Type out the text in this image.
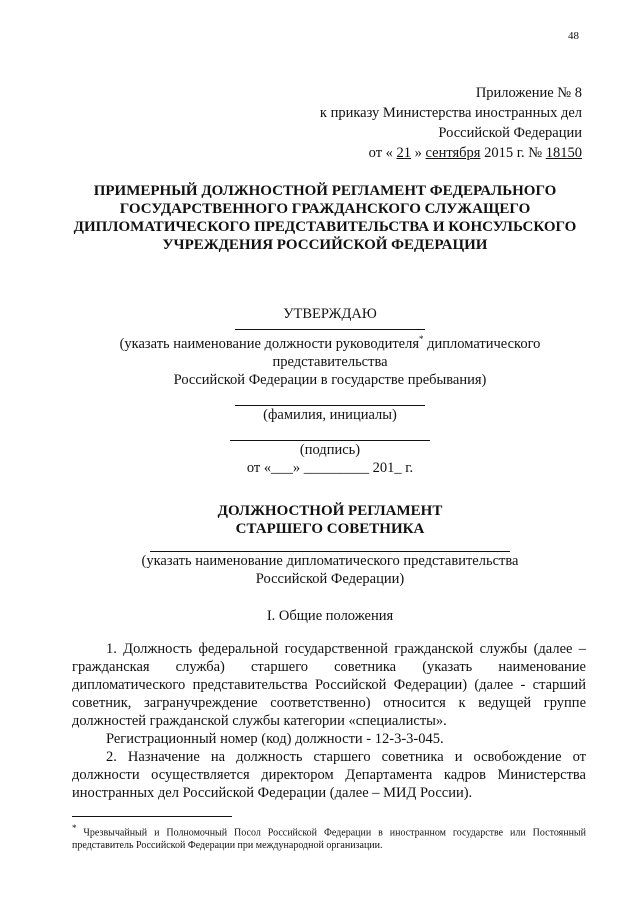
48
Приложение № 8
к приказу Министерства иностранных дел
Российской Федерации
от « 21 » сентября 2015 г. № 18150
ПРИМЕРНЫЙ ДОЛЖНОСТНОЙ РЕГЛАМЕНТ ФЕДЕРАЛЬНОГО
ГОСУДАРСТВЕННОГО ГРАЖДАНСКОГО СЛУЖАЩЕГО
ДИПЛОМАТИЧЕСКОГО ПРЕДСТАВИТЕЛЬСТВА И КОНСУЛЬСКОГО
УЧРЕЖДЕНИЯ РОССИЙСКОЙ ФЕДЕРАЦИИ
УТВЕРЖДАЮ
(указать наименование должности руководителя* дипломатического
представительства
Российской Федерации в государстве пребывания)
(фамилия, инициалы)
(подпись)
от «___» _________ 201_ г.
ДОЛЖНОСТНОЙ РЕГЛАМЕНТ
СТАРШЕГО СОВЕТНИКА
(указать наименование дипломатического представительства
Российской Федерации)
I. Общие положения

1. Должность федеральной государственной гражданской службы (далее – гражданская служба) старшего советника (указать наименование дипломатического представительства Российской Федерации) (далее - старший советник, загранучреждение соответственно) относится к ведущей группе должностей гражданской службы категории «специалисты».

Регистрационный номер (код) должности - 12-3-3-045.

2. Назначение на должность старшего советника и освобождение от должности осуществляется директором Департамента кадров Министерства иностранных дел Российской Федерации (далее – МИД России).

* Чрезвычайный и Полномочный Посол Российской Федерации в иностранном государстве или Постоянный представитель Российской Федерации при международной организации.
